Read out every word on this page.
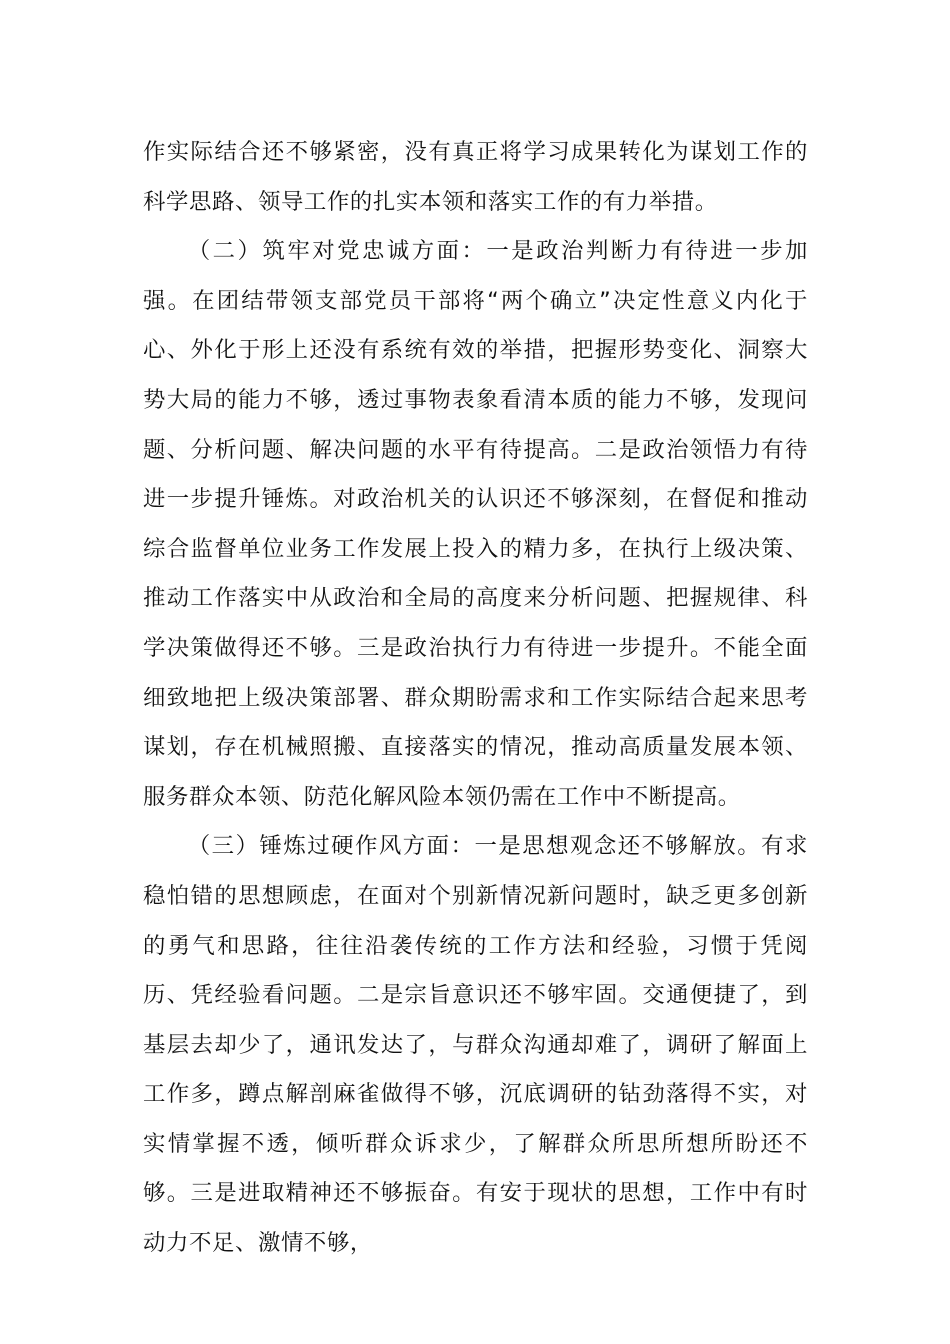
作实际结合还不够紧密，没有真正将学习成果转化为谋划工作的科学思路、领导工作的扎实本领和落实工作的有力举措。

（二）筑牢对党忠诚方面：一是政治判断力有待进一步加强。在团结带领支部党员干部将“两个确立”决定性意义内化于心、外化于形上还没有系统有效的举措，把握形势变化、洞察大势大局的能力不够，透过事物表象看清本质的能力不够，发现问题、分析问题、解决问题的水平有待提高。二是政治领悟力有待进一步提升锤炼。对政治机关的认识还不够深刻，在督促和推动综合监督单位业务工作发展上投入的精力多，在执行上级决策、推动工作落实中从政治和全局的高度来分析问题、把握规律、科学决策做得还不够。三是政治执行力有待进一步提升。不能全面细致地把上级决策部署、群众期盼需求和工作实际结合起来思考谋划，存在机械照搬、直接落实的情况，推动高质量发展本领、服务群众本领、防范化解风险本领仍需在工作中不断提高。

（三）锤炼过硬作风方面：一是思想观念还不够解放。有求稳怕错的思想顾虑，在面对个别新情况新问题时，缺乏更多创新的勇气和思路，往往沿袭传统的工作方法和经验，习惯于凭阅历、凭经验看问题。二是宗旨意识还不够牢固。交通便捷了，到基层去却少了，通讯发达了，与群众沟通却难了，调研了解面上工作多，蹲点解剖麻雀做得不够，沉底调研的钻劲落得不实，对实情掌握不透，倾听群众诉求少，了解群众所思所想所盼还不够。三是进取精神还不够振奋。有安于现状的思想，工作中有时动力不足、激情不够，
